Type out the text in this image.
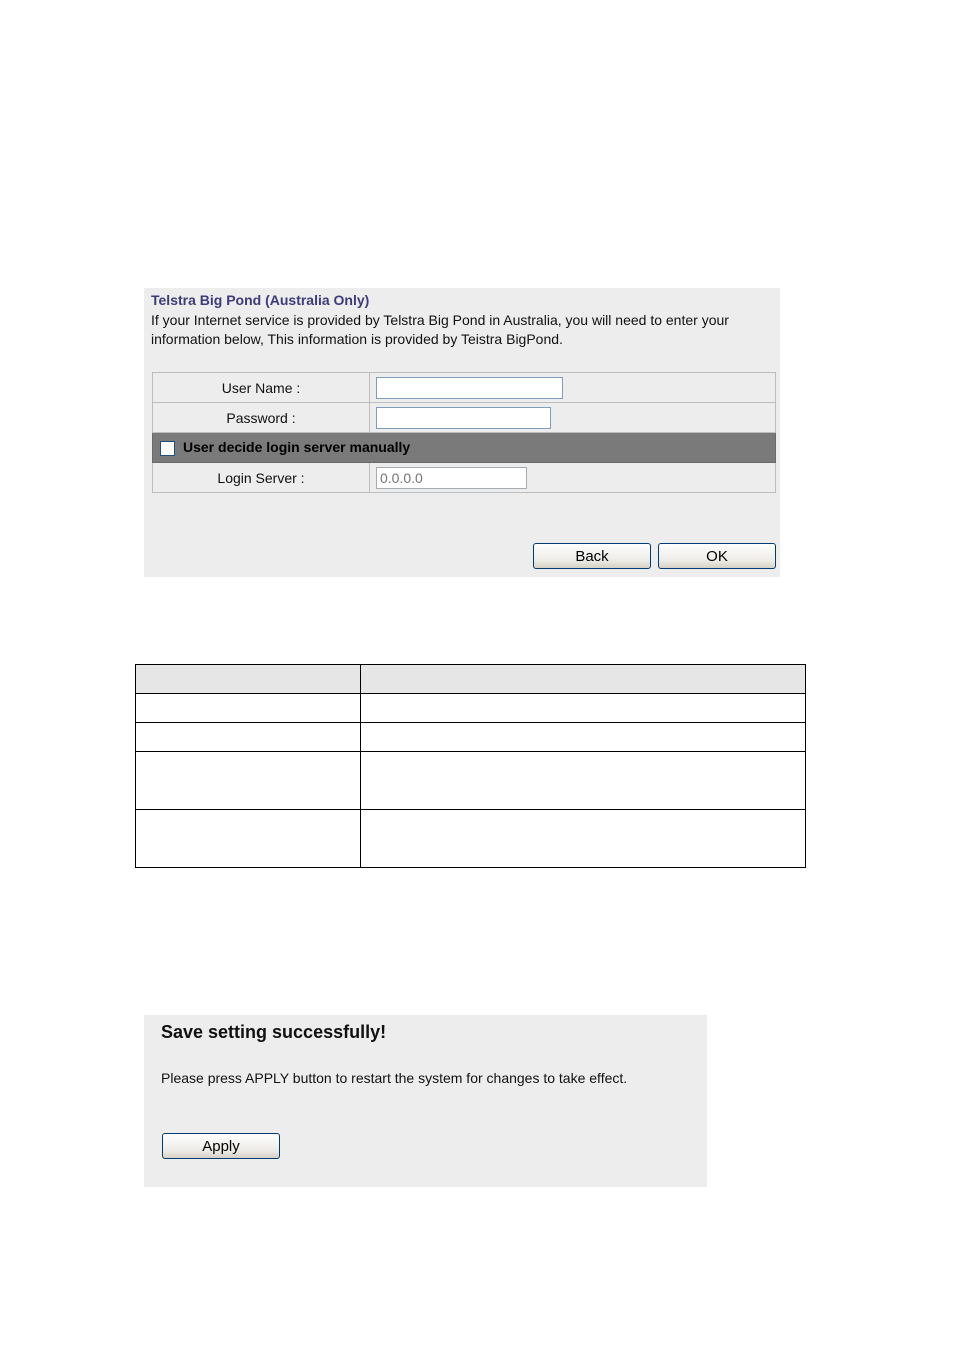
Telstra Big Pond (Australia Only)
If your Internet service is provided by Telstra Big Pond in Australia, you will need to enter your information below, This information is provided by Teistra BigPond.
User Name :	

Password :	

User decide login server manually	
Login Server :	
0.0.0.0
Back	OK

Save setting successfully!
Please press APPLY button to restart the system for changes to take effect.
Apply
